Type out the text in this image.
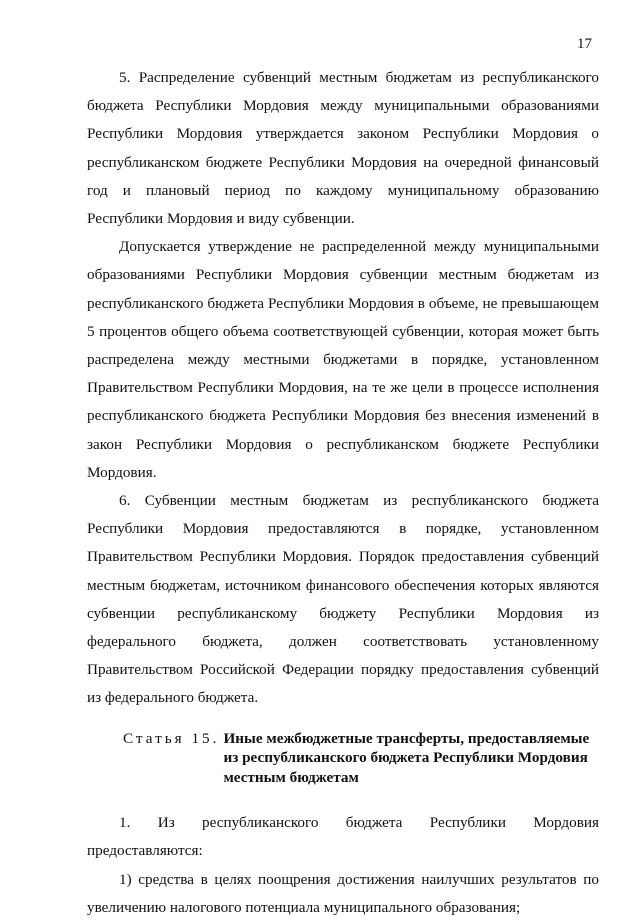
17

5. Распределение субвенций местным бюджетам из республиканского бюджета Республики Мордовия между муниципальными образованиями Республики Мордовия утверждается законом Республики Мордовия о республиканском бюджете Республики Мордовия на очередной финансовый год и плановый период по каждому муниципальному образованию Республики Мордовия и виду субвенции.

Допускается утверждение не распределенной между муниципальными образованиями Республики Мордовия субвенции местным бюджетам из республиканского бюджета Республики Мордовия в объеме, не превышающем 5 процентов общего объема соответствующей субвенции, которая может быть распределена между местными бюджетами в порядке, установленном Правительством Республики Мордовия, на те же цели в процессе исполнения республиканского бюджета Республики Мордовия без внесения изменений в закон Республики Мордовия о республиканском бюджете Республики Мордовия.

6. Субвенции местным бюджетам из республиканского бюджета Республики Мордовия предоставляются в порядке, установленном Правительством Республики Мордовия. Порядок предоставления субвенций местным бюджетам, источником финансового обеспечения которых являются субвенции республиканскому бюджету Республики Мордовия из федерального бюджета, должен соответствовать установленному Правительством Российской Федерации порядку предоставления субвенций из федерального бюджета.

Статья 15. Иные межбюджетные трансферты, предоставляемые из республиканского бюджета Республики Мордовия местным бюджетам

1. Из республиканского бюджета Республики Мордовия предоставляются:

1) средства в целях поощрения достижения наилучших результатов по увеличению налогового потенциала муниципального образования;
